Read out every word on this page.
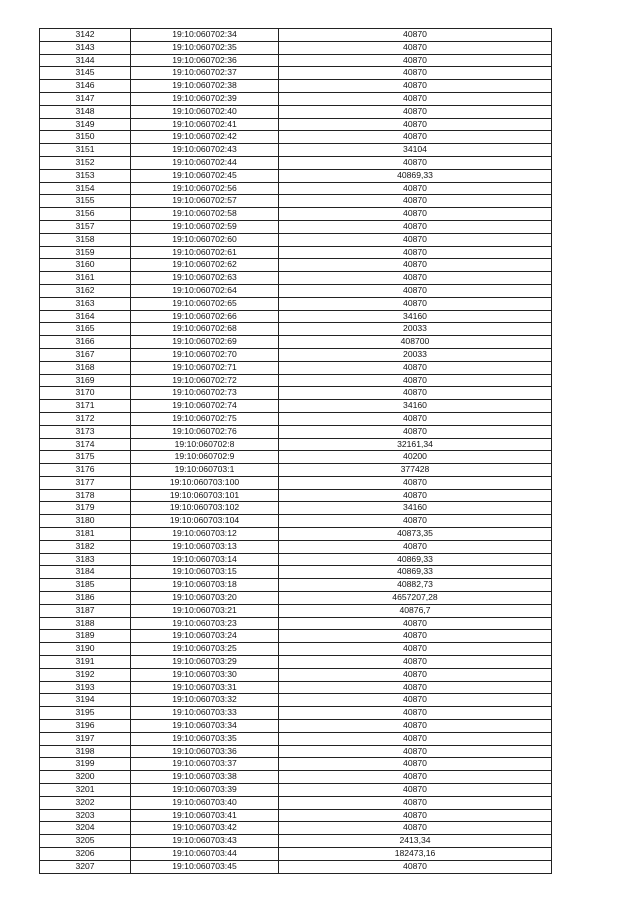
3142	19:10:060702:34	40870
3143	19:10:060702:35	40870
3144	19:10:060702:36	40870
3145	19:10:060702:37	40870
3146	19:10:060702:38	40870
3147	19:10:060702:39	40870
3148	19:10:060702:40	40870
3149	19:10:060702:41	40870
3150	19:10:060702:42	40870
3151	19:10:060702:43	34104
3152	19:10:060702:44	40870
3153	19:10:060702:45	40869,33
3154	19:10:060702:56	40870
3155	19:10:060702:57	40870
3156	19:10:060702:58	40870
3157	19:10:060702:59	40870
3158	19:10:060702:60	40870
3159	19:10:060702:61	40870
3160	19:10:060702:62	40870
3161	19:10:060702:63	40870
3162	19:10:060702:64	40870
3163	19:10:060702:65	40870
3164	19:10:060702:66	34160
3165	19:10:060702:68	20033
3166	19:10:060702:69	408700
3167	19:10:060702:70	20033
3168	19:10:060702:71	40870
3169	19:10:060702:72	40870
3170	19:10:060702:73	40870
3171	19:10:060702:74	34160
3172	19:10:060702:75	40870
3173	19:10:060702:76	40870
3174	19:10:060702:8	32161,34
3175	19:10:060702:9	40200
3176	19:10:060703:1	377428
3177	19:10:060703:100	40870
3178	19:10:060703:101	40870
3179	19:10:060703:102	34160
3180	19:10:060703:104	40870
3181	19:10:060703:12	40873,35
3182	19:10:060703:13	40870
3183	19:10:060703:14	40869,33
3184	19:10:060703:15	40869,33
3185	19:10:060703:18	40882,73
3186	19:10:060703:20	4657207,28
3187	19:10:060703:21	40876,7
3188	19:10:060703:23	40870
3189	19:10:060703:24	40870
3190	19:10:060703:25	40870
3191	19:10:060703:29	40870
3192	19:10:060703:30	40870
3193	19:10:060703:31	40870
3194	19:10:060703:32	40870
3195	19:10:060703:33	40870
3196	19:10:060703:34	40870
3197	19:10:060703:35	40870
3198	19:10:060703:36	40870
3199	19:10:060703:37	40870
3200	19:10:060703:38	40870
3201	19:10:060703:39	40870
3202	19:10:060703:40	40870
3203	19:10:060703:41	40870
3204	19:10:060703:42	40870
3205	19:10:060703:43	2413,34
3206	19:10:060703:44	182473,16
3207	19:10:060703:45	40870
